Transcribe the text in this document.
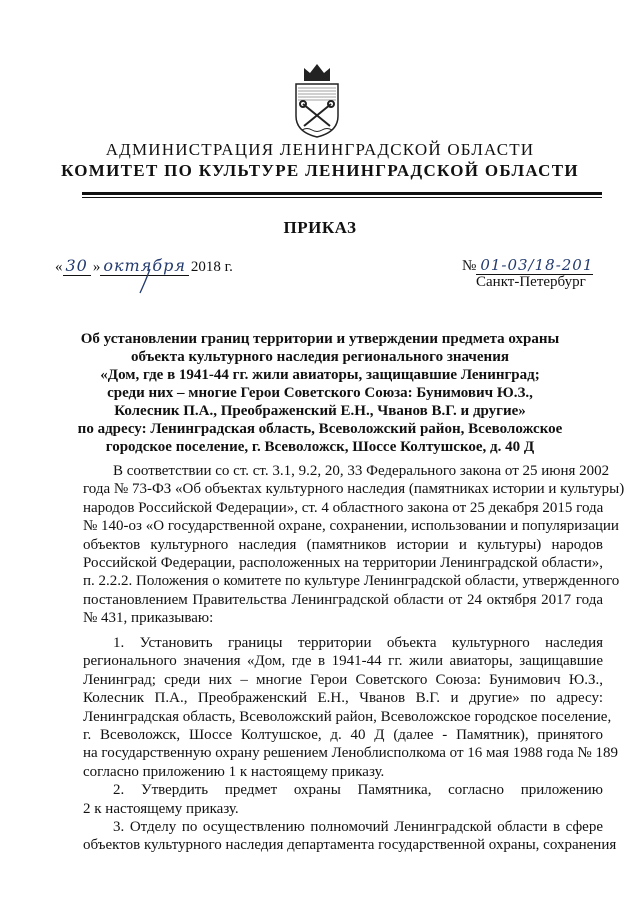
АДМИНИСТРАЦИЯ ЛЕНИНГРАДСКОЙ ОБЛАСТИ
КОМИТЕТ ПО КУЛЬТУРЕ ЛЕНИНГРАДСКОЙ ОБЛАСТИ
ПРИКАЗ
« 30 » октября 2018 г.	№ 01-03/18-201
Санкт-Петербург
Об установлении границ территории и утверждении предмета охраны
объекта культурного наследия регионального значения
«Дом, где в 1941-44 гг. жили авиаторы, защищавшие Ленинград;
среди них – многие Герои Советского Союза: Бунимович Ю.З.,
Колесник П.А., Преображенский Е.Н., Чванов В.Г. и другие»
по адресу: Ленинградская область, Всеволожский район, Всеволожское
городское поселение, г. Всеволожск, Шоссе Колтушское, д. 40 Д
В соответствии со ст. ст. 3.1, 9.2, 20, 33 Федерального закона от 25 июня 2002
года № 73-ФЗ «Об объектах культурного наследия (памятниках истории и культуры)
народов Российской Федерации», ст. 4 областного закона от 25 декабря 2015 года
№ 140-оз «О государственной охране, сохранении, использовании и популяризации
объектов культурного наследия (памятников истории и культуры) народов
Российской Федерации, расположенных на территории Ленинградской области»,
п. 2.2.2. Положения о комитете по культуре Ленинградской области, утвержденного
постановлением Правительства Ленинградской области от 24 октября 2017 года
№ 431, приказываю:
1. Установить границы территории объекта культурного наследия
регионального значения «Дом, где в 1941-44 гг. жили авиаторы, защищавшие
Ленинград; среди них – многие Герои Советского Союза: Бунимович Ю.З.,
Колесник П.А., Преображенский Е.Н., Чванов В.Г. и другие» по адресу:
Ленинградская область, Всеволожский район, Всеволожское городское поселение,
г. Всеволожск, Шоссе Колтушское, д. 40 Д (далее - Памятник), принятого
на государственную охрану решением Леноблисполкома от 16 мая 1988 года № 189
согласно приложению 1 к настоящему приказу.
2. Утвердить предмет охраны Памятника, согласно приложению
2 к настоящему приказу.
3. Отделу по осуществлению полномочий Ленинградской области в сфере
объектов культурного наследия департамента государственной охраны, сохранения
